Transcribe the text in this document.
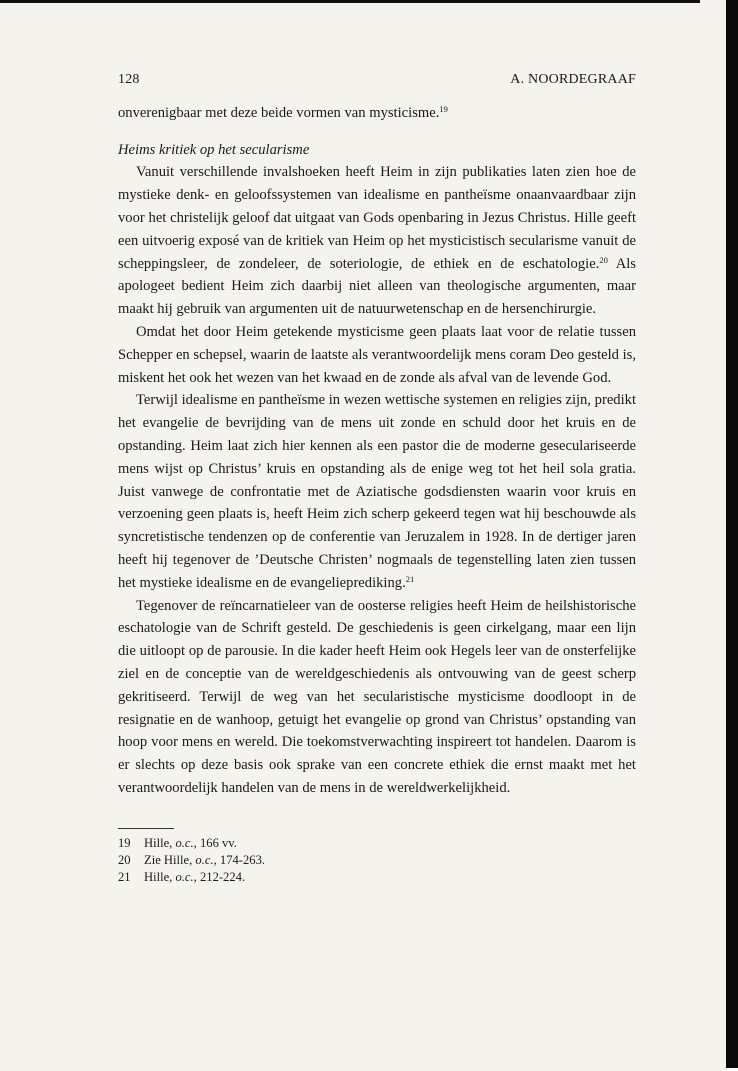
128	A. NOORDEGRAAF

onverenigbaar met deze beide vormen van mysticisme.$^{19}$

Heims kritiek op het secularisme

Vanuit verschillende invalshoeken heeft Heim in zijn publikaties laten zien hoe de mystieke denk- en geloofssystemen van idealisme en pantheïsme onaanvaardbaar zijn voor het christelijk geloof dat uitgaat van Gods openbaring in Jezus Christus. Hille geeft een uitvoerig exposé van de kritiek van Heim op het mysticistisch secularisme vanuit de scheppingsleer, de zondeleer, de soteriologie, de ethiek en de eschatologie.$^{20}$ Als apologeet bedient Heim zich daarbij niet alleen van theologische argumenten, maar maakt hij gebruik van argumenten uit de natuurwetenschap en de hersenchirurgie.

Omdat het door Heim getekende mysticisme geen plaats laat voor de relatie tussen Schepper en schepsel, waarin de laatste als verantwoordelijk mens coram Deo gesteld is, miskent het ook het wezen van het kwaad en de zonde als afval van de levende God.

Terwijl idealisme en pantheïsme in wezen wettische systemen en religies zijn, predikt het evangelie de bevrijding van de mens uit zonde en schuld door het kruis en de opstanding. Heim laat zich hier kennen als een pastor die de moderne geseculariseerde mens wijst op Christus’ kruis en opstanding als de enige weg tot het heil sola gratia. Juist vanwege de confrontatie met de Aziatische godsdiensten waarin voor kruis en verzoening geen plaats is, heeft Heim zich scherp gekeerd tegen wat hij beschouwde als syncretistische tendenzen op de conferentie van Jeruzalem in 1928. In de dertiger jaren heeft hij tegenover de ’Deutsche Christen’ nogmaals de tegenstelling laten zien tussen het mystieke idealisme en de evangelieprediking.$^{21}$

Tegenover de reïncarnatieleer van de oosterse religies heeft Heim de heilshistorische eschatologie van de Schrift gesteld. De geschiedenis is geen cirkelgang, maar een lijn die uitloopt op de parousie. In die kader heeft Heim ook Hegels leer van de onsterfelijke ziel en de conceptie van de wereldgeschiedenis als ontvouwing van de geest scherp gekritiseerd. Terwijl de weg van het secularistische mysticisme doodloopt in de resignatie en de wanhoop, getuigt het evangelie op grond van Christus’ opstanding van hoop voor mens en wereld. Die toekomstverwachting inspireert tot handelen. Daarom is er slechts op deze basis ook sprake van een concrete ethiek die ernst maakt met het verantwoordelijk handelen van de mens in de wereldwerkelijkheid.

19	Hille, o.c., 166 vv.
20	Zie Hille, o.c., 174-263.
21	Hille, o.c., 212-224.
